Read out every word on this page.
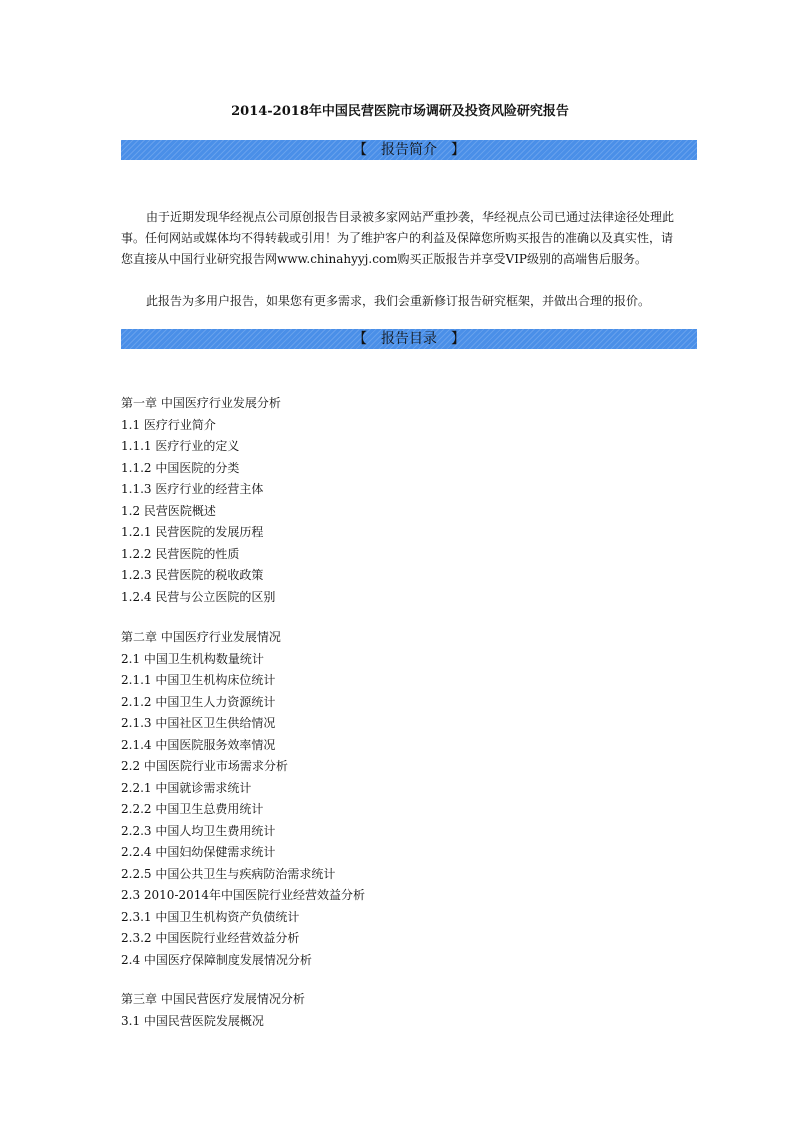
2014-2018年中国民营医院市场调研及投资风险研究报告
【　报告简介　】

由于近期发现华经视点公司原创报告目录被多家网站严重抄袭，华经视点公司已通过法律途径处理此事。任何网站或媒体均不得转载或引用！为了维护客户的利益及保障您所购买报告的准确以及真实性，请您直接从中国行业研究报告网www.chinahyyj.com购买正版报告并享受VIP级别的高端售后服务。

此报告为多用户报告，如果您有更多需求，我们会重新修订报告研究框架，并做出合理的报价。

【　报告目录　】
第一章 中国医疗行业发展分析
1.1 医疗行业简介
1.1.1 医疗行业的定义
1.1.2 中国医院的分类
1.1.3 医疗行业的经营主体
1.2 民营医院概述
1.2.1 民营医院的发展历程
1.2.2 民营医院的性质
1.2.3 民营医院的税收政策
1.2.4 民营与公立医院的区别
第二章 中国医疗行业发展情况
2.1 中国卫生机构数量统计
2.1.1 中国卫生机构床位统计
2.1.2 中国卫生人力资源统计
2.1.3 中国社区卫生供给情况
2.1.4 中国医院服务效率情况
2.2 中国医院行业市场需求分析
2.2.1 中国就诊需求统计
2.2.2 中国卫生总费用统计
2.2.3 中国人均卫生费用统计
2.2.4 中国妇幼保健需求统计
2.2.5 中国公共卫生与疾病防治需求统计
2.3 2010-2014年中国医院行业经营效益分析
2.3.1 中国卫生机构资产负债统计
2.3.2 中国医院行业经营效益分析
2.4 中国医疗保障制度发展情况分析
第三章 中国民营医疗发展情况分析
3.1 中国民营医院发展概况
